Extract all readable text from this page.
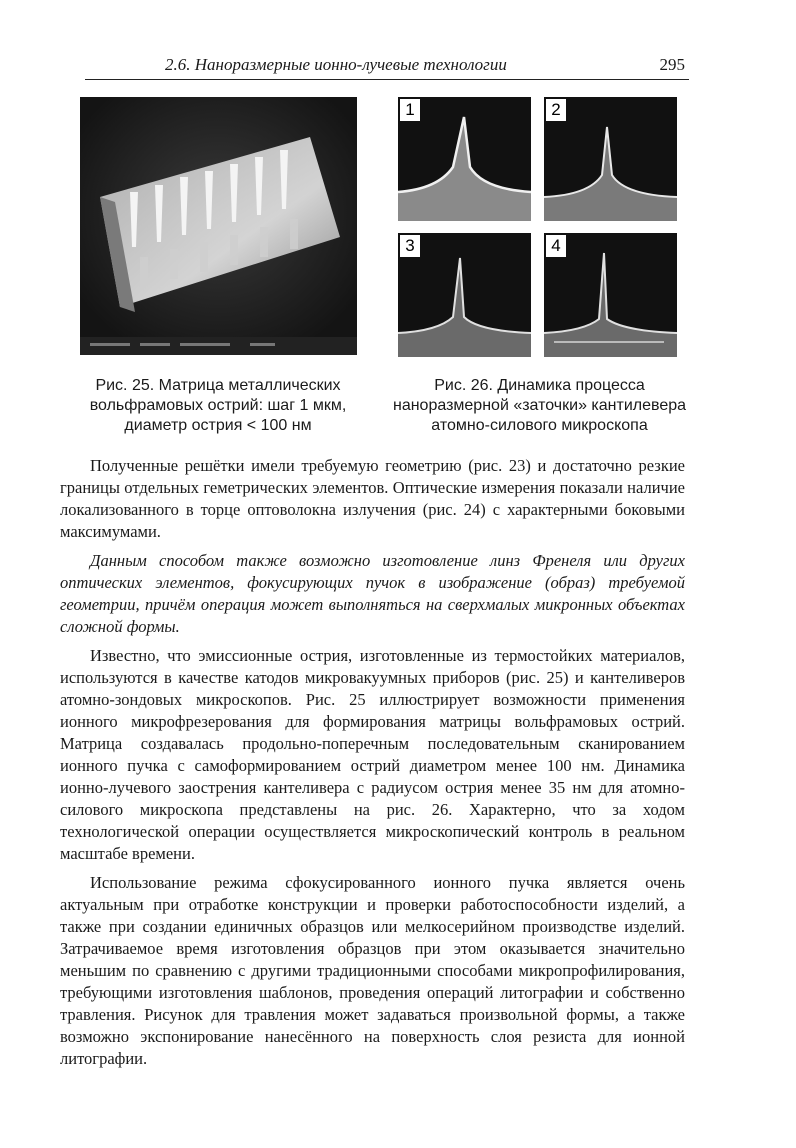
2.6. Наноразмерные ионно-лучевые технологии	295
1	2
3	4
Рис. 25. Матрица металлических вольфрамовых острий: шаг 1 мкм, диаметр острия < 100 нм
Рис. 26. Динамика процесса наноразмерной «заточки» кантилевера атомно-силового микроскопа

Полученные решётки имели требуемую геометрию (рис. 23) и достаточно резкие границы отдельных геметрических элементов. Оптические измерения показали наличие локализованного в торце оптоволокна излучения (рис. 24) с характерными боковыми максимумами.

Данным способом также возможно изготовление линз Френеля или других оптических элементов, фокусирующих пучок в изображение (образ) требуемой геометрии, причём операция может выполняться на сверхмалых микронных объектах сложной формы.

Известно, что эмиссионные острия, изготовленные из термостойких материалов, используются в качестве катодов микровакуумных приборов (рис. 25) и кантеливеров атомно-зондовых микроскопов. Рис. 25 иллюстрирует возможности применения ионного микрофрезерования для формирования матрицы вольфрамовых острий. Матрица создавалась продольно-поперечным последовательным сканированием ионного пучка с самоформированием острий диаметром менее 100 нм. Динамика ионно-лучевого заострения кантеливера с радиусом острия менее 35 нм для атомно-силового микроскопа представлены на рис. 26. Характерно, что за ходом технологической операции осуществляется микроскопический контроль в реальном масштабе времени.

Использование режима сфокусированного ионного пучка является очень актуальным при отработке конструкции и проверки работоспособности изделий, а также при создании единичных образцов или мелкосерийном производстве изделий. Затрачиваемое время изготовления образцов при этом оказывается значительно меньшим по сравнению с другими традиционными способами микропрофилирования, требующими изготовления шаблонов, проведения операций литографии и собственно травления. Рисунок для травления может задаваться произвольной формы, а также возможно экспонирование нанесённого на поверхность слоя резиста для ионной литографии.
